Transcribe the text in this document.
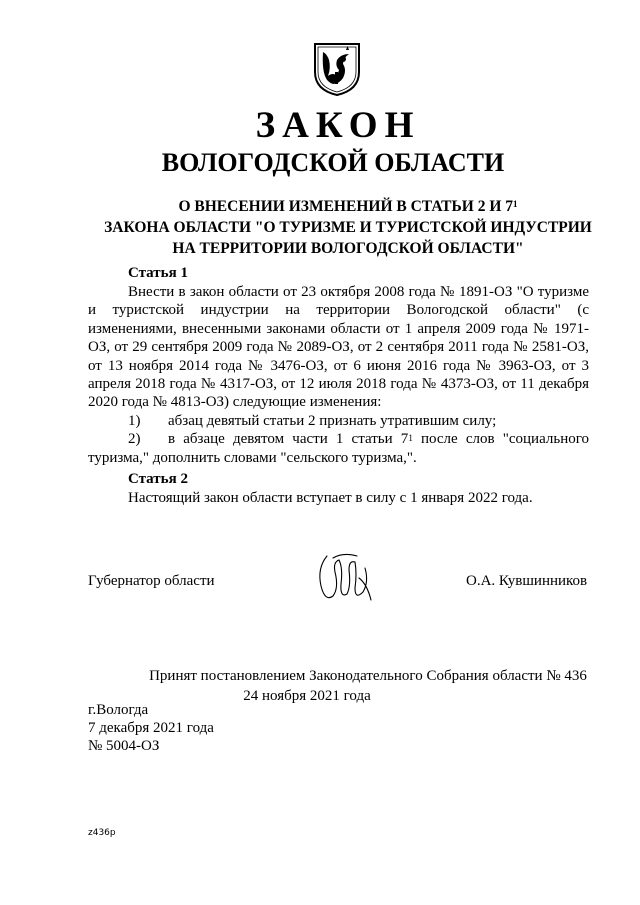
ЗАКОН
ВОЛОГОДСКОЙ ОБЛАСТИ
О ВНЕСЕНИИ ИЗМЕНЕНИЙ В СТАТЬИ 2 И $7^1$
ЗАКОНА ОБЛАСТИ "О ТУРИЗМЕ И ТУРИСТСКОЙ ИНДУСТРИИ
НА ТЕРРИТОРИИ ВОЛОГОДСКОЙ ОБЛАСТИ"
Статья 1

Внести в закон области от 23 октября 2008 года № 1891-ОЗ "О туризме и туристской индустрии на территории Вологодской области" (с изменениями, внесенными законами области от 1 апреля 2009 года № 1971-ОЗ, от 29 сентября 2009 года № 2089-ОЗ, от 2 сентября 2011 года № 2581-ОЗ, от 13 ноября 2014 года № 3476-ОЗ, от 6 июня 2016 года № 3963-ОЗ, от 3 апреля 2018 года № 4317-ОЗ, от 12 июля 2018 года № 4373-ОЗ, от 11 декабря 2020 года № 4813-ОЗ) следующие изменения:

1) абзац девятый статьи 2 признать утратившим силу;

2) в абзаце девятом части 1 статьи $7^1$ после слов "социального туризма," дополнить словами "сельского туризма,".

Статья 2

Настоящий закон области вступает в силу с 1 января 2022 года.

Губернатор области	О.А. Кувшинников
Принят постановлением Законодательного Собрания области № 436
24 ноября 2021 года
г.Вологда
7 декабря 2021 года
№ 5004-ОЗ
z436p
